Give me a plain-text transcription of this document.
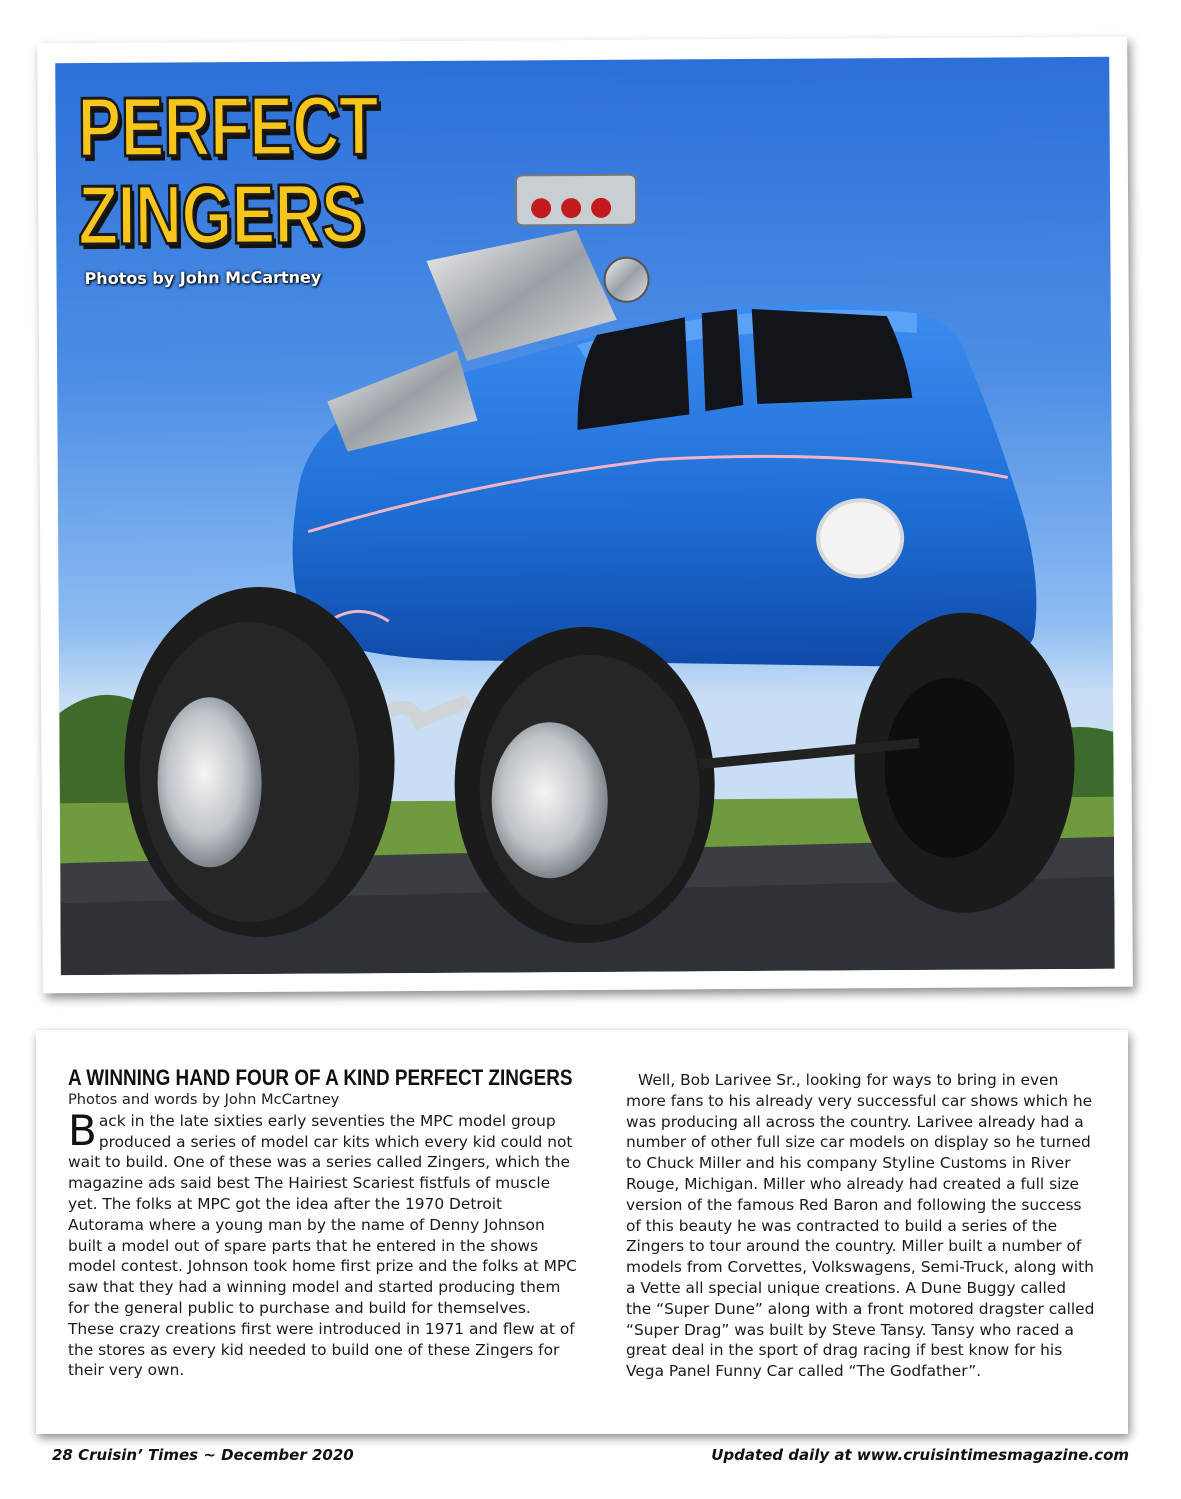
PERFECT
ZINGERS
Photos by John McCartney
A WINNING HAND FOUR OF A KIND PERFECT ZINGERS

Photos and words by John McCartney

Back in the late sixties early seventies the MPC model group produced a series of model car kits which every kid could not wait to build. One of these was a series called Zingers, which the magazine ads said best The Hairiest Scariest fistfuls of muscle yet. The folks at MPC got the idea after the 1970 Detroit Autorama where a young man by the name of Denny Johnson built a model out of spare parts that he entered in the shows model contest. Johnson took home first prize and the folks at MPC saw that they had a winning model and started producing them for the general public to purchase and build for themselves. These crazy creations first were introduced in 1971 and flew at of the stores as every kid needed to build one of these Zingers for their very own.

Well, Bob Larivee Sr., looking for ways to bring in even more fans to his already very successful car shows which he was producing all across the country. Larivee already had a number of other full size car models on display so he turned to Chuck Miller and his company Styline Customs in River Rouge, Michigan. Miller who already had created a full size version of the famous Red Baron and following the success of this beauty he was contracted to build a series of the Zingers to tour around the country. Miller built a number of models from Corvettes, Volkswagens, Semi-Truck, along with a Vette all special unique creations. A Dune Buggy called the “Super Dune” along with a front motored dragster called “Super Drag” was built by Steve Tansy. Tansy who raced a great deal in the sport of drag racing if best know for his Vega Panel Funny Car called “The Godfather”.

28 Cruisin’ Times ~ December 2020	Updated daily at www.cruisintimesmagazine.com
